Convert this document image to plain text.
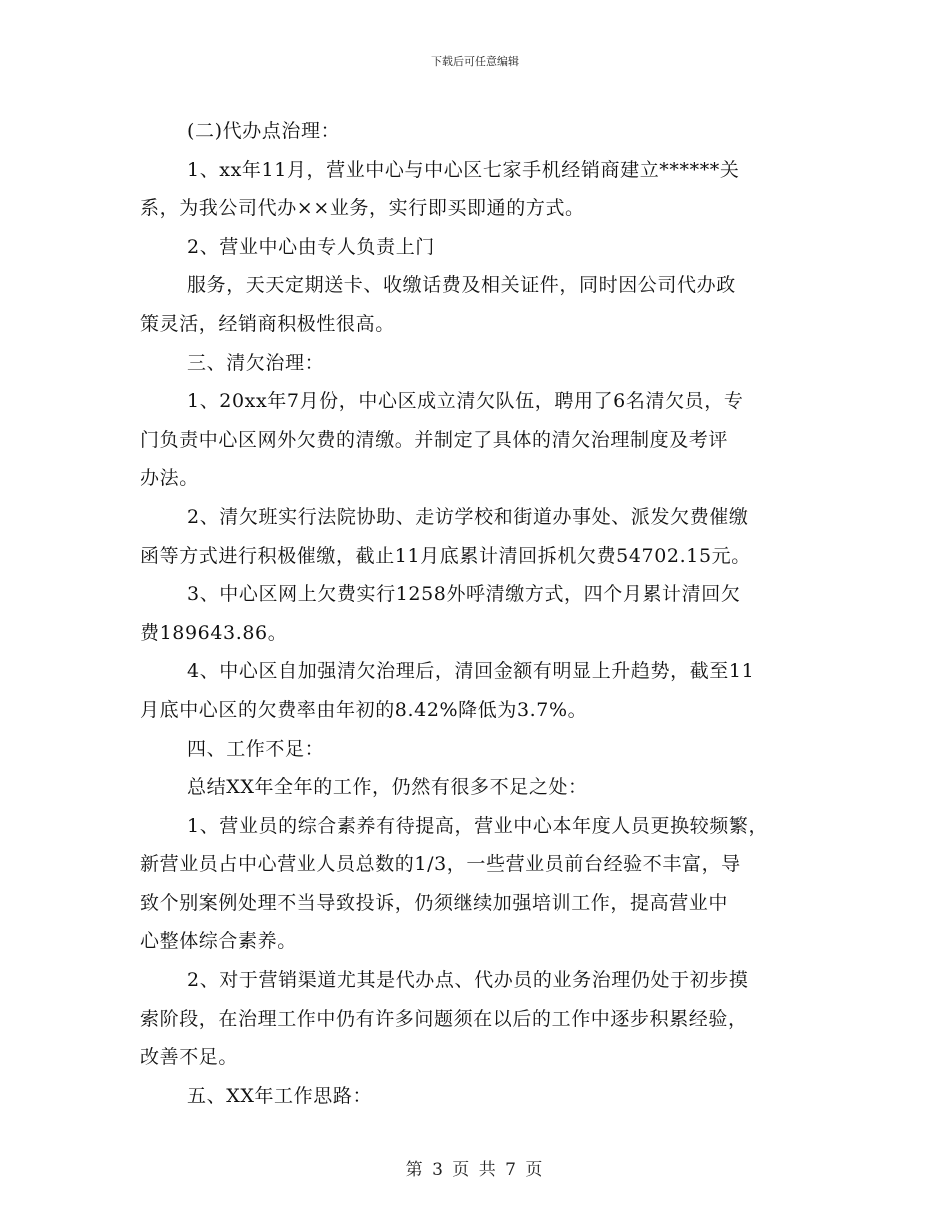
下载后可任意编辑

(二)代办点治理：

1、xx年11月，营业中心与中心区七家手机经销商建立******关

系，为我公司代办××业务，实行即买即通的方式。

2、营业中心由专人负责上门

服务，天天定期送卡、收缴话费及相关证件，同时因公司代办政

策灵活，经销商积极性很高。

三、清欠治理：

1、20xx年7月份，中心区成立清欠队伍，聘用了6名清欠员，专

门负责中心区网外欠费的清缴。并制定了具体的清欠治理制度及考评

办法。

2、清欠班实行法院协助、走访学校和街道办事处、派发欠费催缴

函等方式进行积极催缴，截止11月底累计清回拆机欠费54702.15元。

3、中心区网上欠费实行1258外呼清缴方式，四个月累计清回欠

费189643.86。

4、中心区自加强清欠治理后，清回金额有明显上升趋势，截至11

月底中心区的欠费率由年初的8.42%降低为3.7%。

四、工作不足：

总结XX年全年的工作，仍然有很多不足之处：

1、营业员的综合素养有待提高，营业中心本年度人员更换较频繁，

新营业员占中心营业人员总数的1/3，一些营业员前台经验不丰富，导

致个别案例处理不当导致投诉，仍须继续加强培训工作，提高营业中

心整体综合素养。

2、对于营销渠道尤其是代办点、代办员的业务治理仍处于初步摸

索阶段，在治理工作中仍有许多问题须在以后的工作中逐步积累经验，

改善不足。

五、XX年工作思路：

第 3 页 共 7 页
